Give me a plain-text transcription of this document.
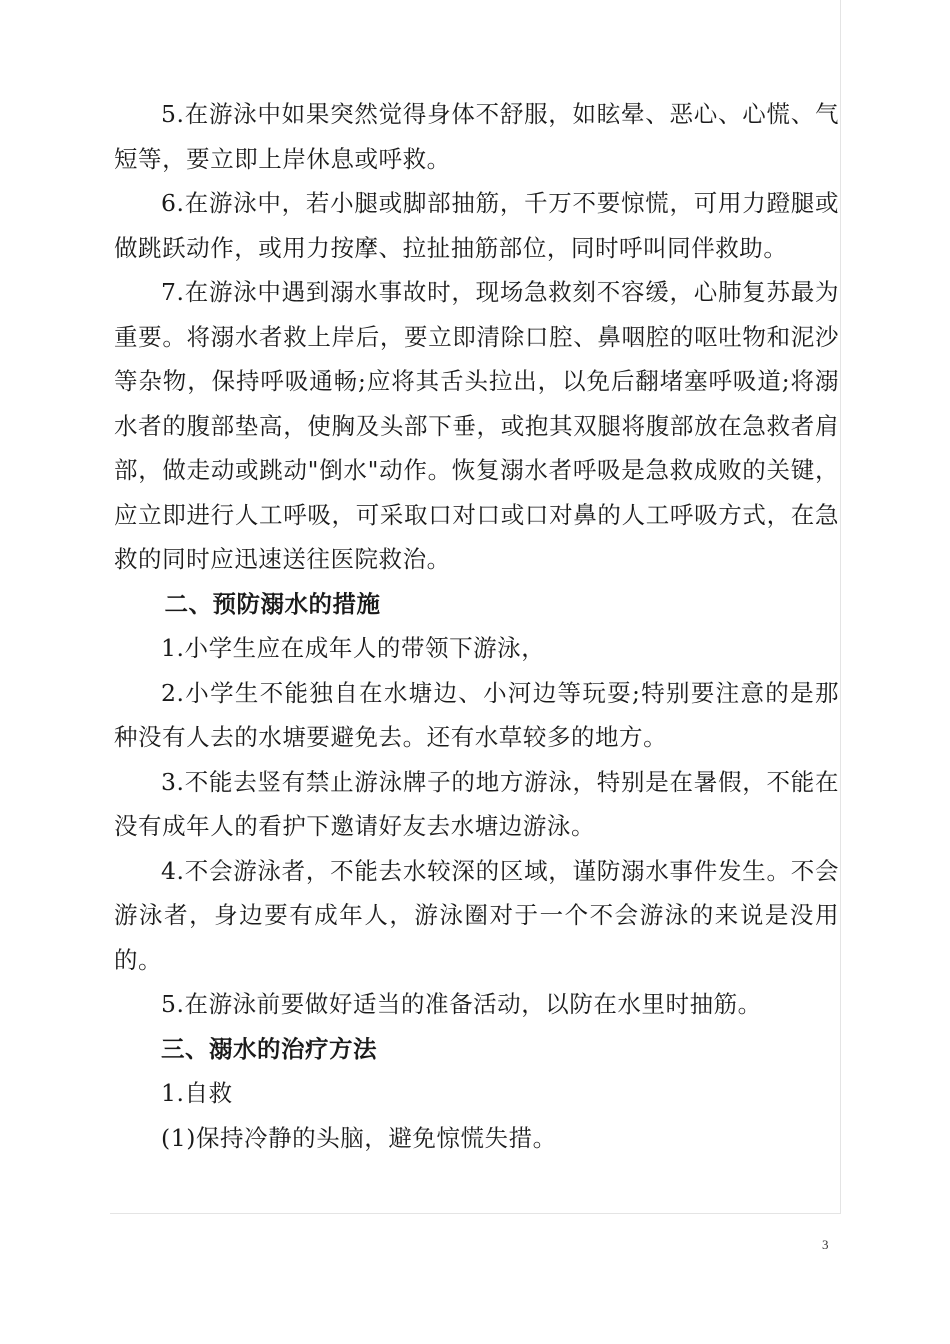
5.在游泳中如果突然觉得身体不舒服，如眩晕、恶心、心慌、气短等，要立即上岸休息或呼救。

6.在游泳中，若小腿或脚部抽筋，千万不要惊慌，可用力蹬腿或做跳跃动作，或用力按摩、拉扯抽筋部位，同时呼叫同伴救助。

7.在游泳中遇到溺水事故时，现场急救刻不容缓，心肺复苏最为重要。将溺水者救上岸后，要立即清除口腔、鼻咽腔的呕吐物和泥沙等杂物，保持呼吸通畅;应将其舌头拉出，以免后翻堵塞呼吸道;将溺水者的腹部垫高，使胸及头部下垂，或抱其双腿将腹部放在急救者肩部，做走动或跳动"倒水"动作。恢复溺水者呼吸是急救成败的关键，应立即进行人工呼吸，可采取口对口或口对鼻的人工呼吸方式，在急救的同时应迅速送往医院救治。

二、预防溺水的措施

1.小学生应在成年人的带领下游泳，

2.小学生不能独自在水塘边、小河边等玩耍;特别要注意的是那种没有人去的水塘要避免去。还有水草较多的地方。

3.不能去竖有禁止游泳牌子的地方游泳，特别是在暑假，不能在没有成年人的看护下邀请好友去水塘边游泳。

4.不会游泳者，不能去水较深的区域，谨防溺水事件发生。不会游泳者，身边要有成年人，游泳圈对于一个不会游泳的来说是没用的。

5.在游泳前要做好适当的准备活动，以防在水里时抽筋。

三、溺水的治疗方法

1.自救

(1)保持冷静的头脑，避免惊慌失措。

3
